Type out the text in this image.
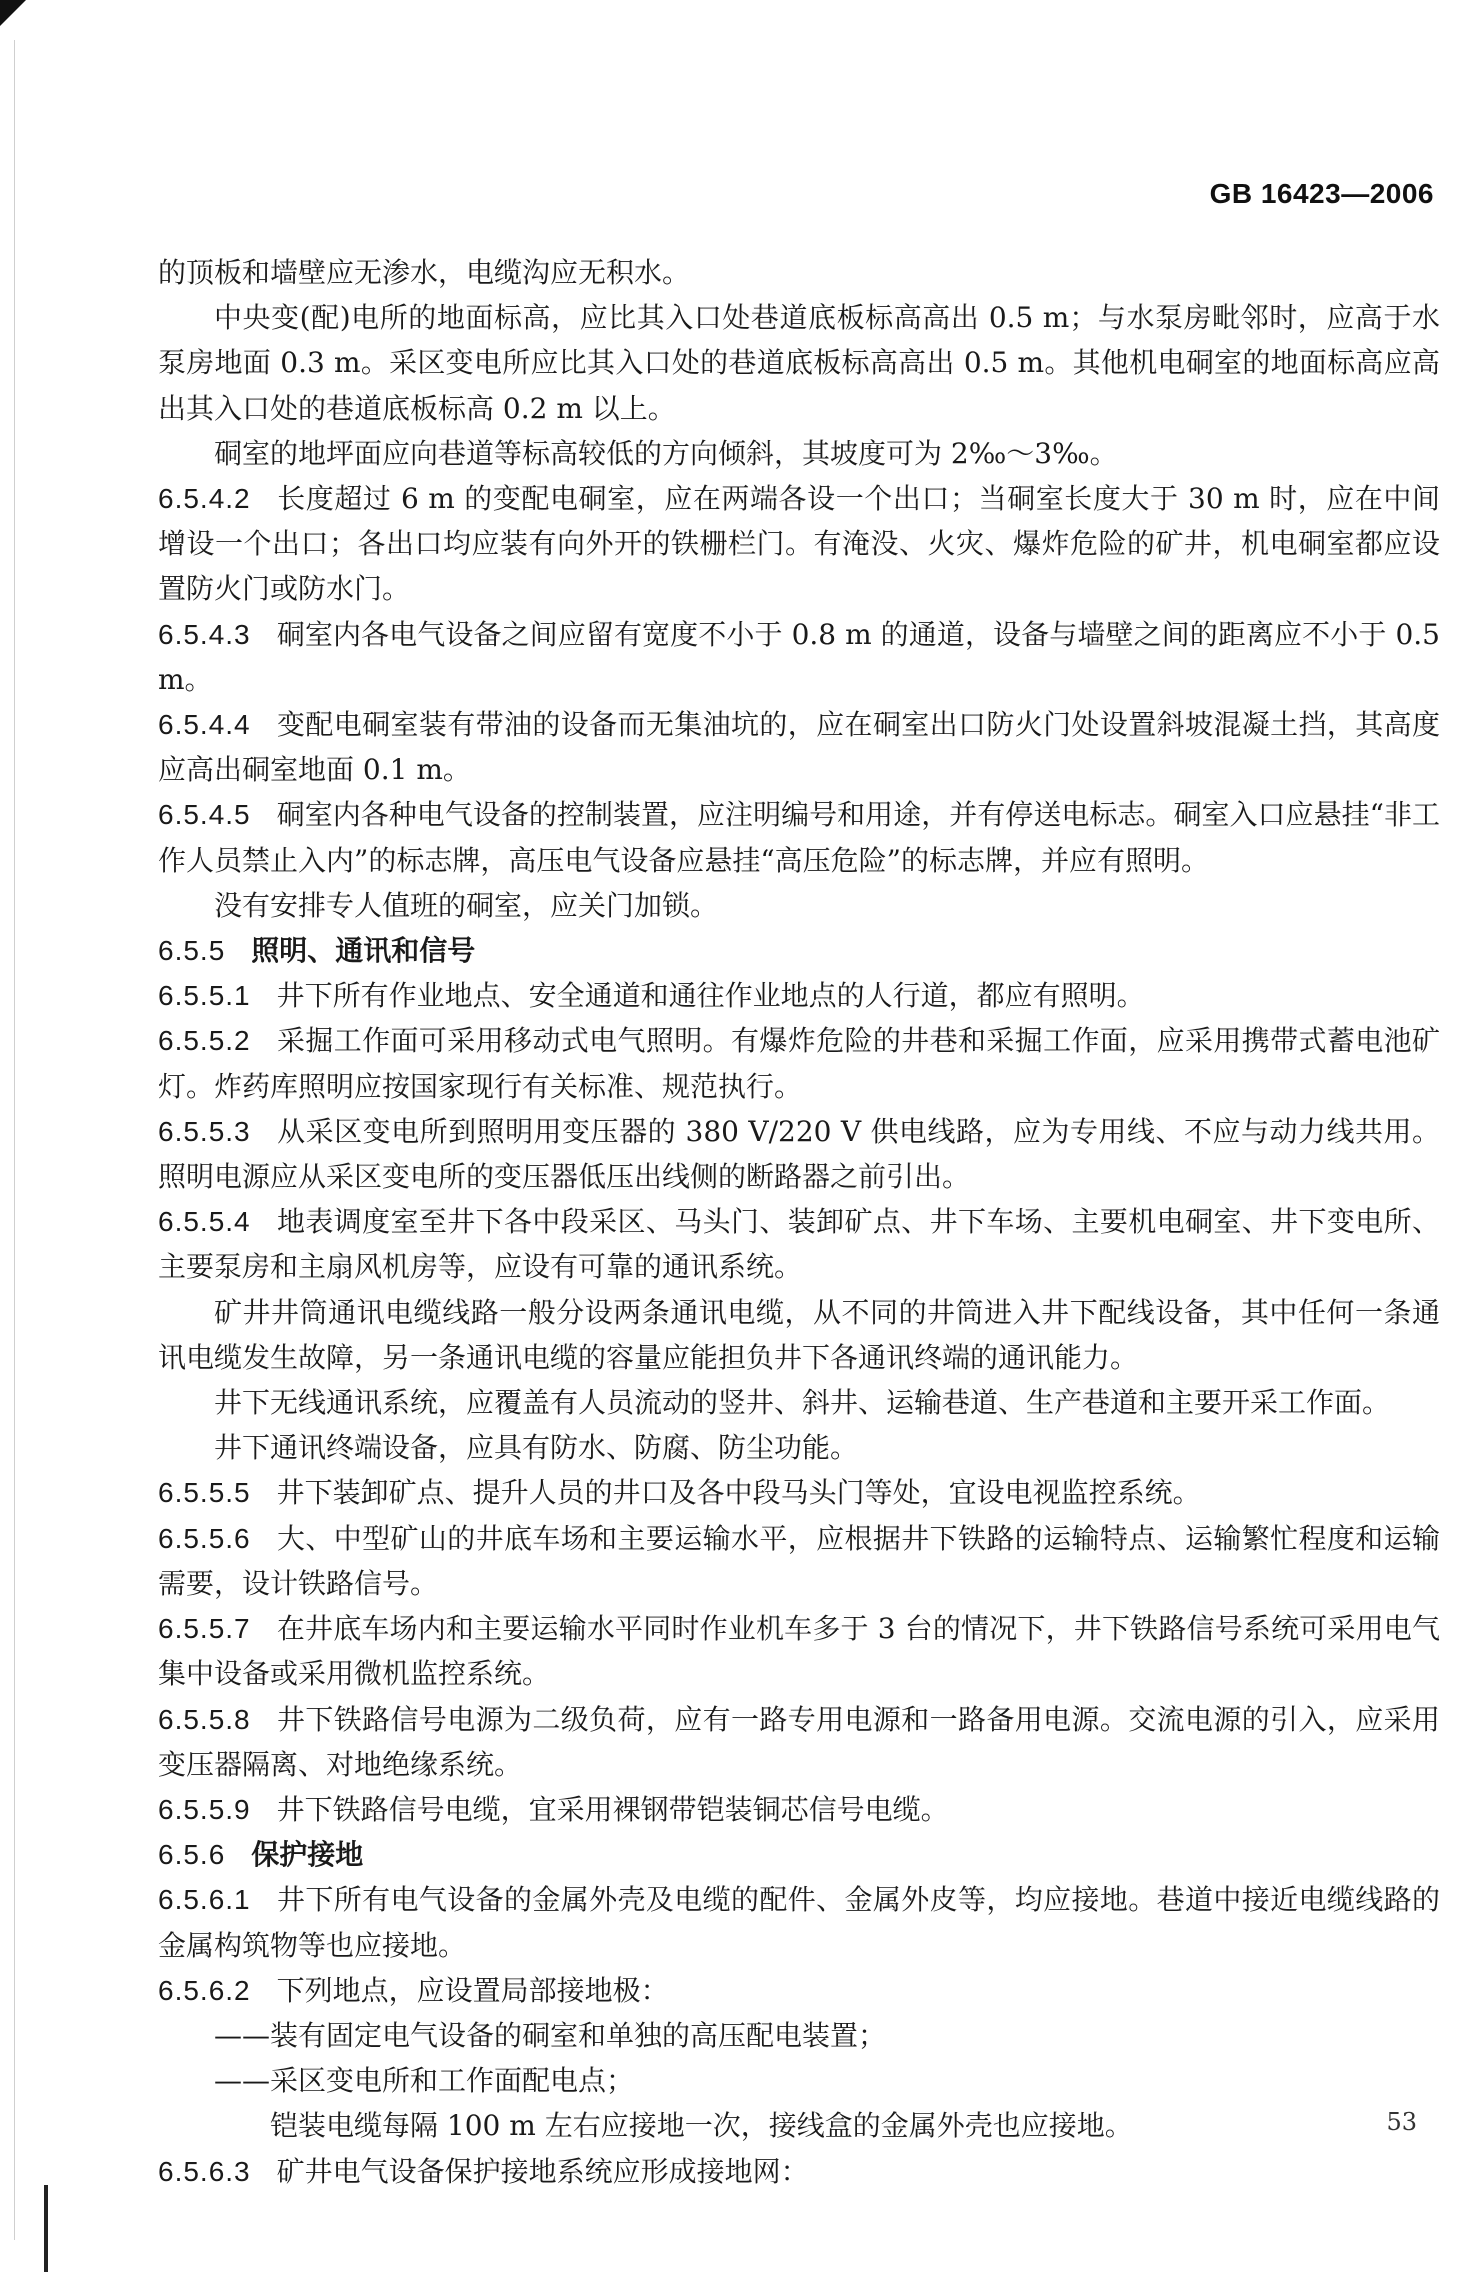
GB 16423—2006

的顶板和墙壁应无渗水，电缆沟应无积水。

中央变(配)电所的地面标高，应比其入口处巷道底板标高高出 0.5 m；与水泵房毗邻时，应高于水泵房地面 0.3 m。采区变电所应比其入口处的巷道底板标高高出 0.5 m。其他机电硐室的地面标高应高出其入口处的巷道底板标高 0.2 m 以上。

硐室的地坪面应向巷道等标高较低的方向倾斜，其坡度可为 2‰～3‰。

6.5.4.2 长度超过 6 m 的变配电硐室，应在两端各设一个出口；当硐室长度大于 30 m 时，应在中间增设一个出口；各出口均应装有向外开的铁栅栏门。有淹没、火灾、爆炸危险的矿井，机电硐室都应设置防火门或防水门。

6.5.4.3 硐室内各电气设备之间应留有宽度不小于 0.8 m 的通道，设备与墙壁之间的距离应不小于 0.5 m。

6.5.4.4 变配电硐室装有带油的设备而无集油坑的，应在硐室出口防火门处设置斜坡混凝土挡，其高度应高出硐室地面 0.1 m。

6.5.4.5 硐室内各种电气设备的控制装置，应注明编号和用途，并有停送电标志。硐室入口应悬挂“非工作人员禁止入内”的标志牌，高压电气设备应悬挂“高压危险”的标志牌，并应有照明。

没有安排专人值班的硐室，应关门加锁。

6.5.5 照明、通讯和信号

6.5.5.1 井下所有作业地点、安全通道和通往作业地点的人行道，都应有照明。

6.5.5.2 采掘工作面可采用移动式电气照明。有爆炸危险的井巷和采掘工作面，应采用携带式蓄电池矿灯。炸药库照明应按国家现行有关标准、规范执行。

6.5.5.3 从采区变电所到照明用变压器的 380 V/220 V 供电线路，应为专用线、不应与动力线共用。照明电源应从采区变电所的变压器低压出线侧的断路器之前引出。

6.5.5.4 地表调度室至井下各中段采区、马头门、装卸矿点、井下车场、主要机电硐室、井下变电所、主要泵房和主扇风机房等，应设有可靠的通讯系统。

矿井井筒通讯电缆线路一般分设两条通讯电缆，从不同的井筒进入井下配线设备，其中任何一条通讯电缆发生故障，另一条通讯电缆的容量应能担负井下各通讯终端的通讯能力。

井下无线通讯系统，应覆盖有人员流动的竖井、斜井、运输巷道、生产巷道和主要开采工作面。

井下通讯终端设备，应具有防水、防腐、防尘功能。

6.5.5.5 井下装卸矿点、提升人员的井口及各中段马头门等处，宜设电视监控系统。

6.5.5.6 大、中型矿山的井底车场和主要运输水平，应根据井下铁路的运输特点、运输繁忙程度和运输需要，设计铁路信号。

6.5.5.7 在井底车场内和主要运输水平同时作业机车多于 3 台的情况下，井下铁路信号系统可采用电气集中设备或采用微机监控系统。

6.5.5.8 井下铁路信号电源为二级负荷，应有一路专用电源和一路备用电源。交流电源的引入，应采用变压器隔离、对地绝缘系统。

6.5.5.9 井下铁路信号电缆，宜采用裸钢带铠装铜芯信号电缆。

6.5.6 保护接地

6.5.6.1 井下所有电气设备的金属外壳及电缆的配件、金属外皮等，均应接地。巷道中接近电缆线路的金属构筑物等也应接地。

6.5.6.2 下列地点，应设置局部接地极：

——装有固定电气设备的硐室和单独的高压配电装置；

——采区变电所和工作面配电点；

铠装电缆每隔 100 m 左右应接地一次，接线盒的金属外壳也应接地。

6.5.6.3 矿井电气设备保护接地系统应形成接地网：

53
